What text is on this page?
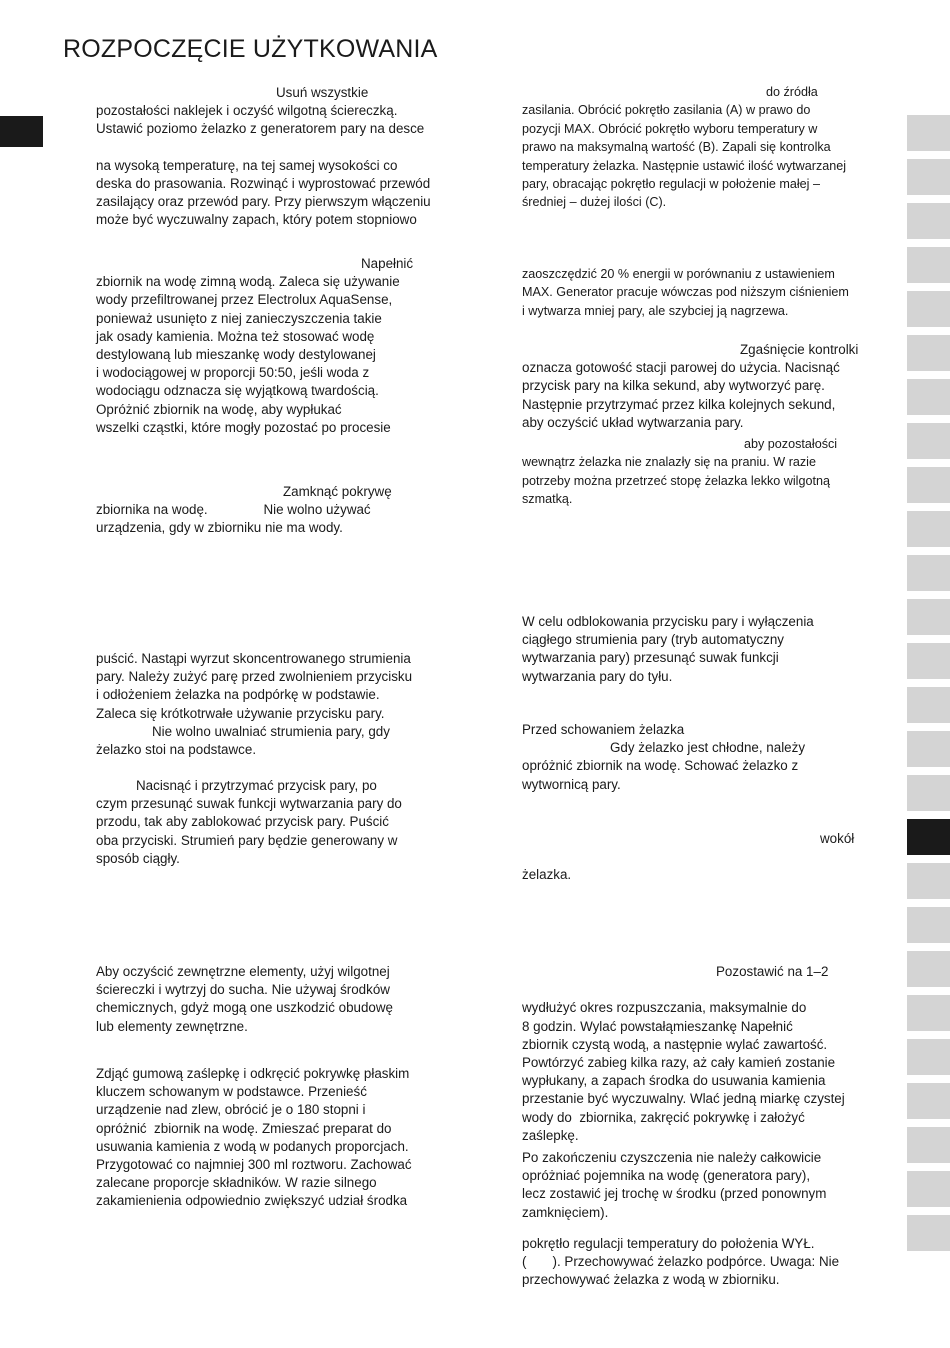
ROZPOCZĘCIE UŻYTKOWANIA
Usuń wszystkie
pozostałości naklejek i oczyść wilgotną ściereczką.
Ustawić poziomo żelazko z generatorem pary na desce

na wysoką temperaturę, na tej samej wysokości co
deska do prasowania. Rozwinąć i wyprostować przewód
zasilający oraz przewód pary. Przy pierwszym włączeniu
może być wyczuwalny zapach, który potem stopniowo
Napełnić
zbiornik na wodę zimną wodą. Zaleca się używanie
wody przefiltrowanej przez Electrolux AquaSense,
ponieważ usunięto z niej zanieczyszczenia takie
jak osady kamienia. Można też stosować wodę
destylowaną lub mieszankę wody destylowanej
i wodociągowej w proporcji 50:50, jeśli woda z
wodociągu odznacza się wyjątkową twardością.
Opróżnić zbiornik na wodę, aby wypłukać
wszelki cząstki, które mogły pozostać po procesie
Zamknąć pokrywę
zbiornika na wodę.               Nie wolno używać
urządzenia, gdy w zbiorniku nie ma wody.
puścić. Nastąpi wyrzut skoncentrowanego strumienia
pary. Należy zużyć parę przed zwolnieniem przycisku
i odłożeniem żelazka na podpórkę w podstawie.
Zaleca się krótkotrwałe używanie przycisku pary.
Nie wolno uwalniać strumienia pary, gdy
żelazko stoi na podstawce.
Nacisnąć i przytrzymać przycisk pary, po
czym przesunąć suwak funkcji wytwarzania pary do
przodu, tak aby zablokować przycisk pary. Puścić
oba przyciski. Strumień pary będzie generowany w
sposób ciągły.
Aby oczyścić zewnętrzne elementy, użyj wilgotnej
ściereczki i wytrzyj do sucha. Nie używaj środków
chemicznych, gdyż mogą one uszkodzić obudowę
lub elementy zewnętrzne.
Zdjąć gumową zaślepkę i odkręcić pokrywkę płaskim
kluczem schowanym w podstawce. Przenieść
urządzenie nad zlew, obrócić je o 180 stopni i
opróżnić  zbiornik na wodę. Zmieszać preparat do
usuwania kamienia z wodą w podanych proporcjach.
Przygotować co najmniej 300 ml roztworu. Zachować
zalecane proporcje składników. W razie silnego
zakamienienia odpowiednio zwiększyć udział środka
do źródła
zasilania. Obrócić pokrętło zasilania (A) w prawo do
pozycji MAX. Obrócić pokrętło wyboru temperatury w
prawo na maksymalną wartość (B). Zapali się kontrolka
temperatury żelazka. Następnie ustawić ilość wytwarzanej
pary, obracając pokrętło regulacji w położenie małej –
średniej – dużej ilości (C).
zaoszczędzić 20 % energii w porównaniu z ustawieniem
MAX. Generator pracuje wówczas pod niższym ciśnieniem
i wytwarza mniej pary, ale szybciej ją nagrzewa.
Zgaśnięcie kontrolki
oznacza gotowość stacji parowej do użycia. Nacisnąć
przycisk pary na kilka sekund, aby wytworzyć parę.
Następnie przytrzymać przez kilka kolejnych sekund,
aby oczyścić układ wytwarzania pary.
aby pozostałości
wewnątrz żelazka nie znalazły się na praniu. W razie
potrzeby można przetrzeć stopę żelazka lekko wilgotną
szmatką.
W celu odblokowania przycisku pary i wyłączenia
ciągłego strumienia pary (tryb automatyczny
wytwarzania pary) przesunąć suwak funkcji
wytwarzania pary do tyłu.
Przed schowaniem żelazka
Gdy żelazko jest chłodne, należy
opróżnić zbiornik na wodę. Schować żelazko z
wytwornicą pary.
wokół

żelazka.
Pozostawić na 1–2

wydłużyć okres rozpuszczania, maksymalnie do
8 godzin. Wylać powstałąmieszankę Napełnić
zbiornik czystą wodą, a następnie wylać zawartość.
Powtórzyć zabieg kilka razy, aż cały kamień zostanie
wypłukany, a zapach środka do usuwania kamienia
przestanie być wyczuwalny. Wlać jedną miarkę czystej
wody do  zbiornika, zakręcić pokrywkę i założyć
zaślepkę.
Po zakończeniu czyszczenia nie należy całkowicie
opróżniać pojemnika na wodę (generatora pary),
lecz zostawić jej trochę w środku (przed ponownym
zamknięciem).
pokrętło regulacji temperatury do położenia WYŁ.
(       ). Przechowywać żelazko podpórce. Uwaga: Nie
przechowywać żelazka z wodą w zbiorniku.
